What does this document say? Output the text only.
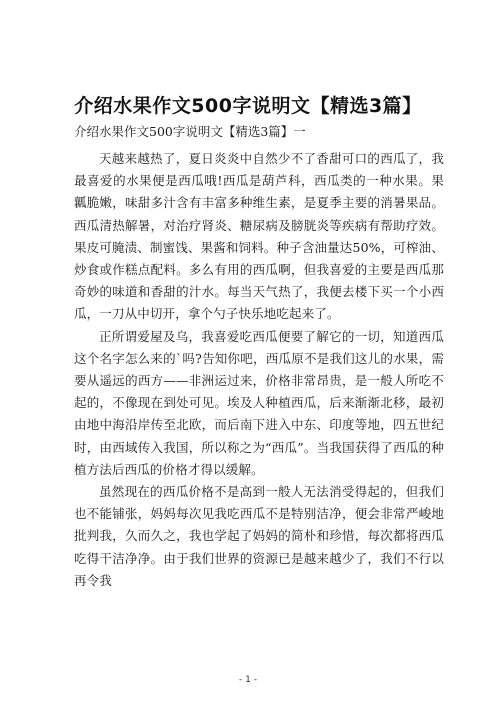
介绍水果作文500字说明文【精选3篇】
介绍水果作文500字说明文【精选3篇】一

天越来越热了，夏日炎炎中自然少不了香甜可口的西瓜了，我最喜爱的水果便是西瓜哦!西瓜是葫芦科，西瓜类的一种水果。果瓤脆嫩，味甜多汁含有丰富多种维生素，是夏季主要的消暑果品。西瓜清热解暑，对治疗肾炎、糖尿病及膀胱炎等疾病有帮助疗效。果皮可腌渍、制蜜饯、果酱和饲料。种子含油量达50%，可榨油、炒食或作糕点配料。多么有用的西瓜啊，但我喜爱的主要是西瓜那奇妙的味道和香甜的汁水。每当天气热了，我便去楼下买一个小西瓜，一刀从中切开，拿个勺子快乐地吃起来了。

正所谓爱屋及乌，我喜爱吃西瓜便要了解它的一切，知道西瓜这个名字怎么来的`吗?告知你吧，西瓜原不是我们这儿的水果，需要从遥远的西方——非洲运过来，价格非常昂贵，是一般人所吃不起的，不像现在到处可见。埃及人种植西瓜，后来渐渐北移，最初由地中海沿岸传至北欧，而后南下进入中东、印度等地，四五世纪时，由西域传入我国，所以称之为“西瓜”。当我国获得了西瓜的种植方法后西瓜的价格才得以缓解。

虽然现在的西瓜价格不是高到一般人无法消受得起的，但我们也不能铺张，妈妈每次见我吃西瓜不是特别洁净，便会非常严峻地批判我，久而久之，我也学起了妈妈的简朴和珍惜，每次都将西瓜吃得干洁净净。由于我们世界的资源已是越来越少了，我们不行以再令我

- 1 -
